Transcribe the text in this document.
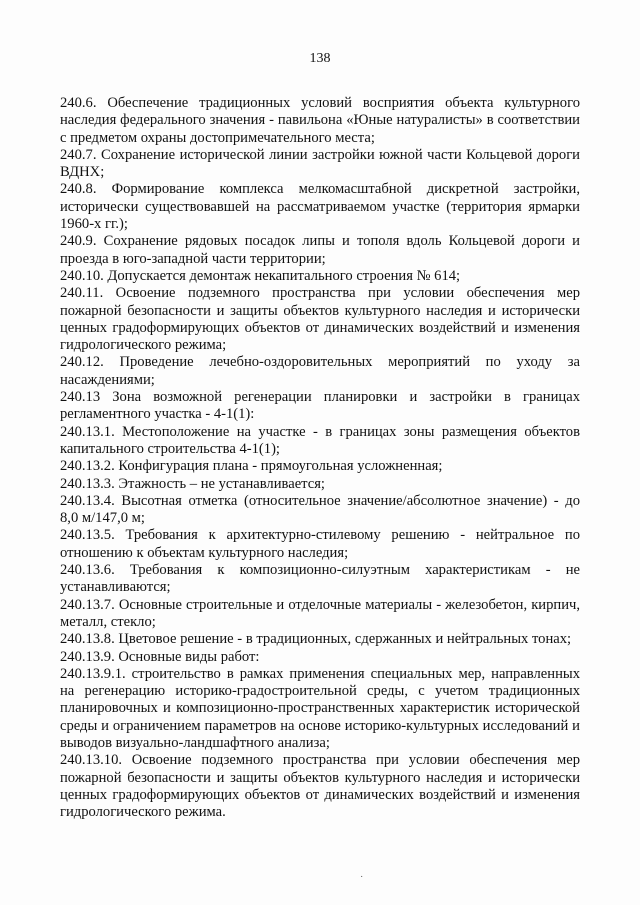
138

240.6. Обеспечение традиционных условий восприятия объекта культурного наследия федерального значения - павильона «Юные натуралисты» в соответствии с предметом охраны достопримечательного места;

240.7. Сохранение исторической линии застройки южной части Кольцевой дороги ВДНХ;

240.8. Формирование комплекса мелкомасштабной дискретной застройки, исторически существовавшей на рассматриваемом участке (территория ярмарки 1960-х гг.);

240.9. Сохранение рядовых посадок липы и тополя вдоль Кольцевой дороги и проезда в юго-западной части территории;

240.10. Допускается демонтаж некапитального строения № 614;

240.11. Освоение подземного пространства при условии обеспечения мер пожарной безопасности и защиты объектов культурного наследия и исторически ценных градоформирующих объектов от динамических воздействий и изменения гидрологического режима;

240.12. Проведение лечебно-оздоровительных мероприятий по уходу за насаждениями;

240.13 Зона возможной регенерации планировки и застройки в границах регламентного участка - 4-1(1):

240.13.1. Местоположение на участке - в границах зоны размещения объектов капитального строительства 4-1(1);

240.13.2. Конфигурация плана - прямоугольная усложненная;

240.13.3. Этажность – не устанавливается;

240.13.4. Высотная отметка (относительное значение/абсолютное значение) - до 8,0 м/147,0 м;

240.13.5. Требования к архитектурно-стилевому решению - нейтральное по отношению к объектам культурного наследия;

240.13.6. Требования к композиционно-силуэтным характеристикам - не устанавливаются;

240.13.7. Основные строительные и отделочные материалы - железобетон, кирпич, металл, стекло;

240.13.8. Цветовое решение - в традиционных, сдержанных и нейтральных тонах;

240.13.9. Основные виды работ:

240.13.9.1. строительство в рамках применения специальных мер, направленных на регенерацию историко-градостроительной среды, с учетом традиционных планировочных и композиционно-пространственных характеристик исторической среды и ограничением параметров на основе историко-культурных исследований и выводов визуально-ландшафтного анализа;

240.13.10. Освоение подземного пространства при условии обеспечения мер пожарной безопасности и защиты объектов культурного наследия и исторически ценных градоформирующих объектов от динамических воздействий и изменения гидрологического режима.

˙
